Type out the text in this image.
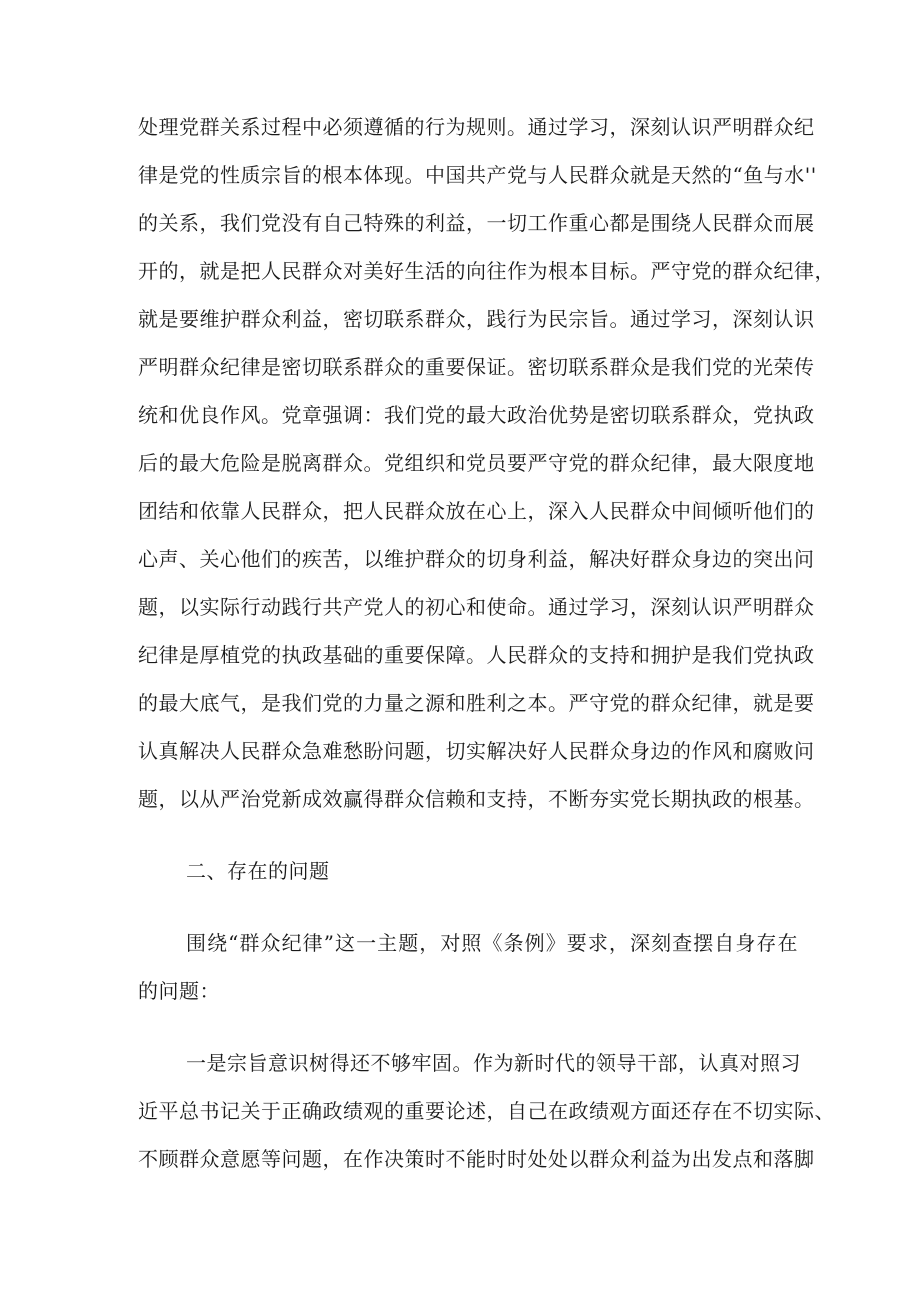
处理党群关系过程中必须遵循的行为规则。通过学习，深刻认识严明群众纪
律是党的性质宗旨的根本体现。中国共产党与人民群众就是天然的“鱼与水''
的关系，我们党没有自己特殊的利益，一切工作重心都是围绕人民群众而展
开的，就是把人民群众对美好生活的向往作为根本目标。严守党的群众纪律，
就是要维护群众利益，密切联系群众，践行为民宗旨。通过学习，深刻认识
严明群众纪律是密切联系群众的重要保证。密切联系群众是我们党的光荣传
统和优良作风。党章强调：我们党的最大政治优势是密切联系群众，党执政
后的最大危险是脱离群众。党组织和党员要严守党的群众纪律，最大限度地
团结和依靠人民群众，把人民群众放在心上，深入人民群众中间倾听他们的
心声、关心他们的疾苦，以维护群众的切身利益，解决好群众身边的突出问
题，以实际行动践行共产党人的初心和使命。通过学习，深刻认识严明群众
纪律是厚植党的执政基础的重要保障。人民群众的支持和拥护是我们党执政
的最大底气，是我们党的力量之源和胜利之本。严守党的群众纪律，就是要
认真解决人民群众急难愁盼问题，切实解决好人民群众身边的作风和腐败问
题，以从严治党新成效赢得群众信赖和支持，不断夯实党长期执政的根基。
二、存在的问题
围绕“群众纪律”这一主题，对照《条例》要求，深刻查摆自身存在
的问题：
一是宗旨意识树得还不够牢固。作为新时代的领导干部，认真对照习
近平总书记关于正确政绩观的重要论述，自己在政绩观方面还存在不切实际、
不顾群众意愿等问题，在作决策时不能时时处处以群众利益为出发点和落脚
